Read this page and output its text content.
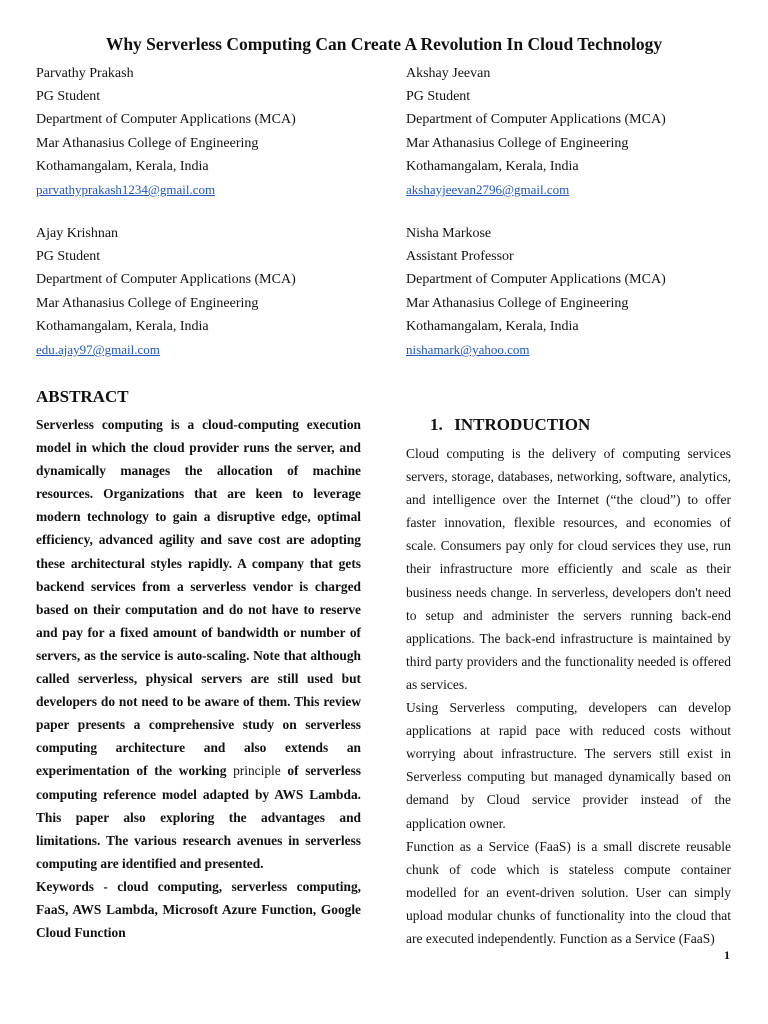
Why Serverless Computing Can Create A Revolution In Cloud Technology
Parvathy Prakash
PG Student
Department of Computer Applications (MCA)
Mar Athanasius College of Engineering
Kothamangalam, Kerala, India
parvathyprakash1234@gmail.com
Akshay Jeevan
PG Student
Department of Computer Applications (MCA)
Mar Athanasius College of Engineering
Kothamangalam, Kerala, India
akshayjeevan2796@gmail.com
Ajay Krishnan
PG Student
Department of Computer Applications (MCA)
Mar Athanasius College of Engineering
Kothamangalam, Kerala, India
edu.ajay97@gmail.com
Nisha Markose
Assistant Professor
Department of Computer Applications (MCA)
Mar Athanasius College of Engineering
Kothamangalam, Kerala, India
nishamark@yahoo.com
ABSTRACT

Serverless computing is a cloud-computing execution model in which the cloud provider runs the server, and dynamically manages the allocation of machine resources. Organizations that are keen to leverage modern technology to gain a disruptive edge, optimal efficiency, advanced agility and save cost are adopting these architectural styles rapidly. A company that gets backend services from a serverless vendor is charged based on their computation and do not have to reserve and pay for a fixed amount of bandwidth or number of servers, as the service is auto-scaling. Note that although called serverless, physical servers are still used but developers do not need to be aware of them. This review paper presents a comprehensive study on serverless computing architecture and also extends an experimentation of the working principle of serverless computing reference model adapted by AWS Lambda. This paper also exploring the advantages and limitations. The various research avenues in serverless computing are identified and presented.

Keywords - cloud computing, serverless computing, FaaS, AWS Lambda, Microsoft Azure Function, Google Cloud Function

1. INTRODUCTION

Cloud computing is the delivery of computing services servers, storage, databases, networking, software, analytics, and intelligence over the Internet (“the cloud”) to offer faster innovation, flexible resources, and economies of scale. Consumers pay only for cloud services they use, run their infrastructure more efficiently and scale as their business needs change. In serverless, developers don't need to setup and administer the servers running back-end applications. The back-end infrastructure is maintained by third party providers and the functionality needed is offered as services.

Using Serverless computing, developers can develop applications at rapid pace with reduced costs without worrying about infrastructure. The servers still exist in Serverless computing but managed dynamically based on demand by Cloud service provider instead of the application owner.

Function as a Service (FaaS) is a small discrete reusable chunk of code which is stateless compute container modelled for an event-driven solution. User can simply upload modular chunks of functionality into the cloud that are executed independently. Function as a Service (FaaS)

1
